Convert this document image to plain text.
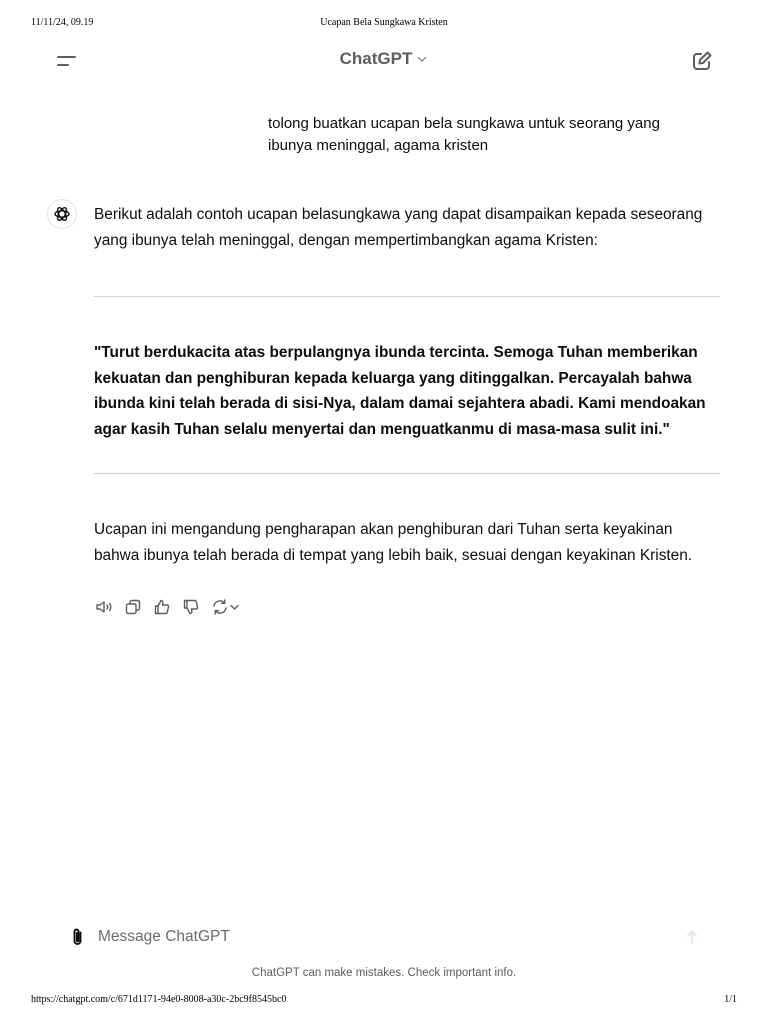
11/11/24, 09.19	Ucapan Bela Sungkawa Kristen
ChatGPT
tolong buatkan ucapan bela sungkawa untuk seorang yang ibunya meninggal, agama kristen

Berikut adalah contoh ucapan belasungkawa yang dapat disampaikan kepada seseorang yang ibunya telah meninggal, dengan mempertimbangkan agama Kristen:

"Turut berdukacita atas berpulangnya ibunda tercinta. Semoga Tuhan memberikan kekuatan dan penghiburan kepada keluarga yang ditinggalkan. Percayalah bahwa ibunda kini telah berada di sisi-Nya, dalam damai sejahtera abadi. Kami mendoakan agar kasih Tuhan selalu menyertai dan menguatkanmu di masa-masa sulit ini."

Ucapan ini mengandung pengharapan akan penghiburan dari Tuhan serta keyakinan bahwa ibunya telah berada di tempat yang lebih baik, sesuai dengan keyakinan Kristen.

Message ChatGPT
ChatGPT can make mistakes. Check important info.
https://chatgpt.com/c/671d1171-94e0-8008-a30c-2bc9f8545bc0	1/1
